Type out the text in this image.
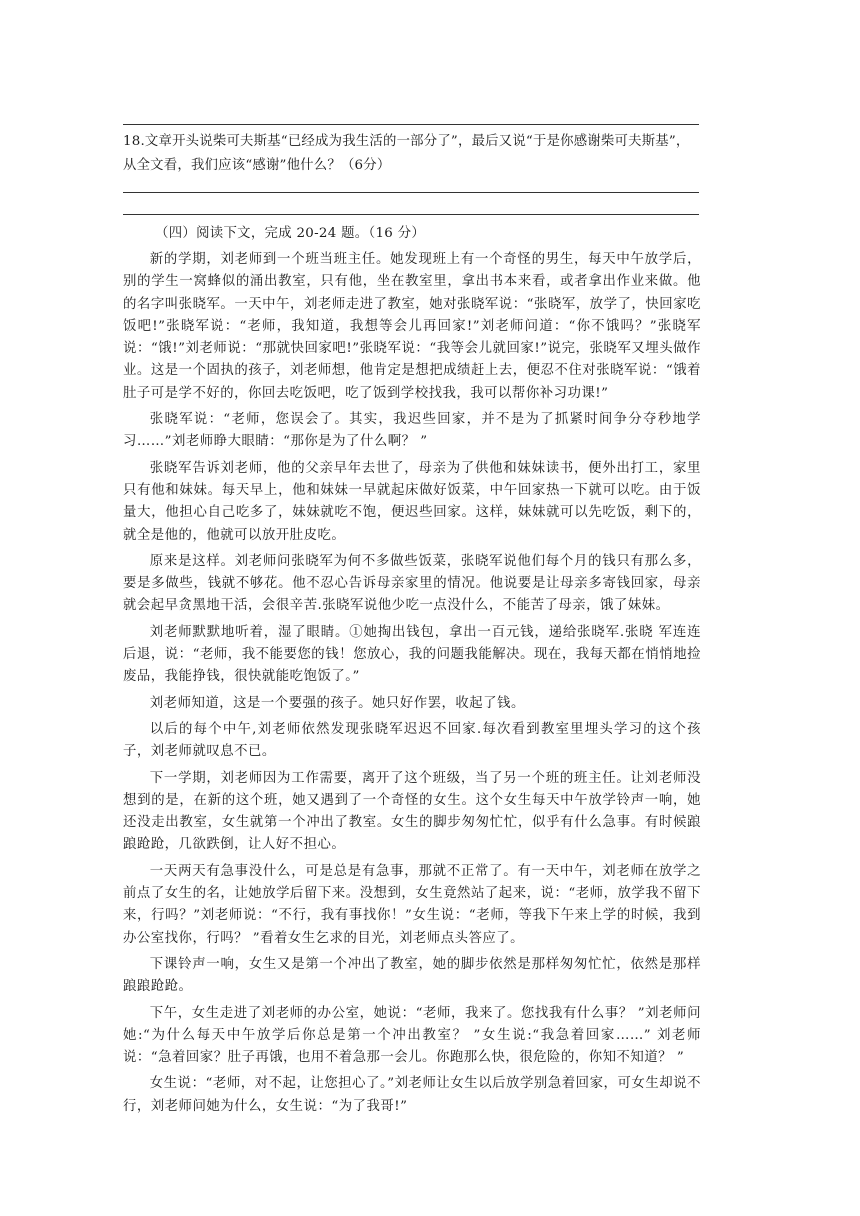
18.文章开头说柴可夫斯基“已经成为我生活的一部分了”，最后又说“于是你感谢柴可夫斯基”，从全文看，我们应该“感谢”他什么？（6分）
（四）阅读下文，完成 20-24 题。（16 分）

新的学期，刘老师到一个班当班主任。她发现班上有一个奇怪的男生，每天中午放学后，别的学生一窝蜂似的涌出教室，只有他，坐在教室里，拿出书本来看，或者拿出作业来做。他的名字叫张晓军。一天中午，刘老师走进了教室，她对张晓军说：“张晓军，放学了，快回家吃饭吧!”张晓军说：“老师，我知道，我想等会儿再回家!”刘老师问道：“你不饿吗？”张晓军说：“饿!”刘老师说：“那就快回家吧!”张晓军说：“我等会儿就回家!”说完，张晓军又埋头做作业。这是一个固执的孩子，刘老师想，他肯定是想把成绩赶上去，便忍不住对张晓军说：“饿着肚子可是学不好的，你回去吃饭吧，吃了饭到学校找我，我可以帮你补习功课!”

张晓军说：“老师，您误会了。其实，我迟些回家，并不是为了抓紧时间争分夺秒地学习……”刘老师睁大眼睛：“那你是为了什么啊？ ”

张晓军告诉刘老师，他的父亲早年去世了，母亲为了供他和妹妹读书，便外出打工，家里只有他和妹妹。每天早上，他和妹妹一早就起床做好饭菜，中午回家热一下就可以吃。由于饭量大，他担心自己吃多了，妹妹就吃不饱，便迟些回家。这样，妹妹就可以先吃饭，剩下的，就全是他的，他就可以放开肚皮吃。

原来是这样。刘老师问张晓军为何不多做些饭菜，张晓军说他们每个月的钱只有那么多，要是多做些，钱就不够花。他不忍心告诉母亲家里的情况。他说要是让母亲多寄钱回家，母亲就会起早贪黑地干活，会很辛苦.张晓军说他少吃一点没什么，不能苦了母亲，饿了妹妹。

刘老师默默地听着，湿了眼睛。①她掏出钱包，拿出一百元钱，递给张晓军.张晓 军连连后退，说：“老师，我不能要您的钱！您放心，我的问题我能解决。现在，我每天都在悄悄地捡废品，我能挣钱，很快就能吃饱饭了。”

刘老师知道，这是一个要强的孩子。她只好作罢，收起了钱。

以后的每个中午,刘老师依然发现张晓军迟迟不回家.每次看到教室里埋头学习的这个孩子，刘老师就叹息不已。

下一学期，刘老师因为工作需要，离开了这个班级，当了另一个班的班主任。让刘老师没想到的是，在新的这个班，她又遇到了一个奇怪的女生。这个女生每天中午放学铃声一响，她还没走出教室，女生就第一个冲出了教室。女生的脚步匆匆忙忙，似乎有什么急事。有时候踉踉跄跄，几欲跌倒，让人好不担心。

一天两天有急事没什么，可是总是有急事，那就不正常了。有一天中午，刘老师在放学之前点了女生的名，让她放学后留下来。没想到，女生竟然站了起来，说：“老师，放学我不留下来，行吗？”刘老师说：“不行，我有事找你！”女生说：“老师，等我下午来上学的时候，我到办公室找你，行吗？ ”看着女生乞求的目光，刘老师点头答应了。

下课铃声一响，女生又是第一个冲出了教室，她的脚步依然是那样匆匆忙忙，依然是那样踉踉跄跄。

下午，女生走进了刘老师的办公室，她说：“老师，我来了。您找我有什么事？ ”刘老师问她:“为什么每天中午放学后你总是第一个冲出教室？ ”女生说:“我急着回家……” 刘老师说：“急着回家？肚子再饿，也用不着急那一会儿。你跑那么快，很危险的，你知不知道？ ”

女生说：“老师，对不起，让您担心了。”刘老师让女生以后放学别急着回家，可女生却说不行，刘老师问她为什么，女生说：“为了我哥!”
